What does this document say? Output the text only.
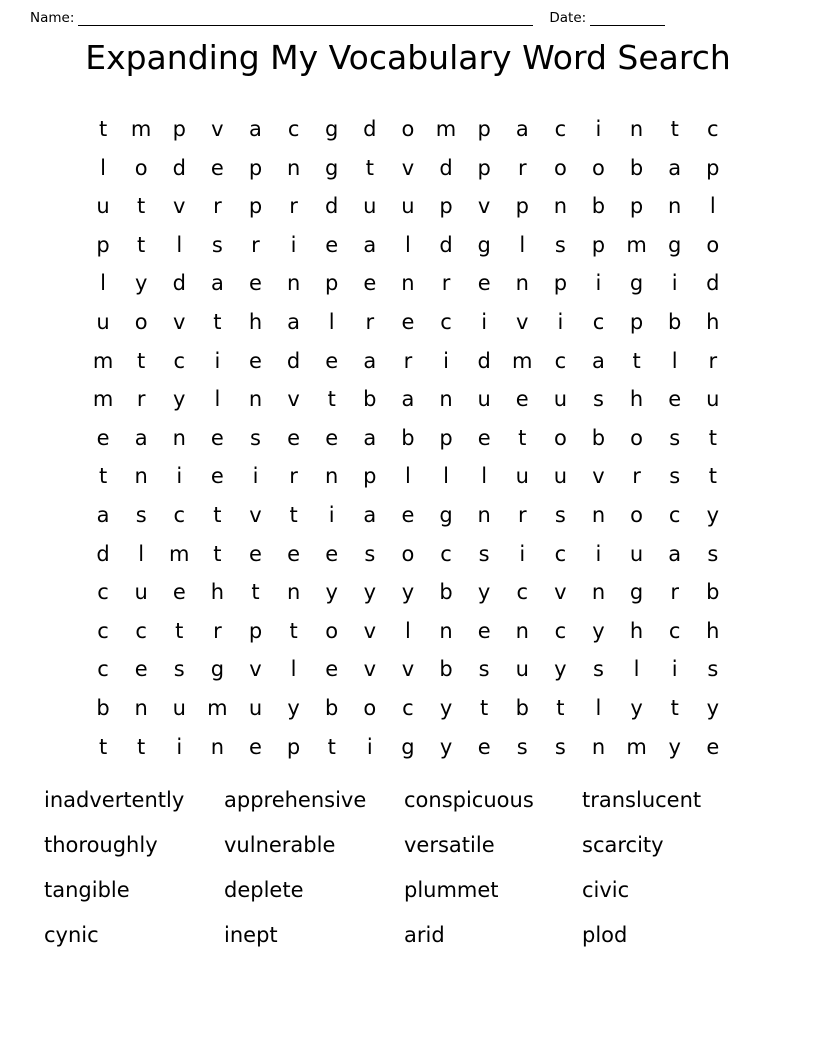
Name:	Date:
Expanding My Vocabulary Word Search
t	m	p	v	a	c	g	d	o	m	p	a	c	i	n	t	c
l	o	d	e	p	n	g	t	v	d	p	r	o	o	b	a	p
u	t	v	r	p	r	d	u	u	p	v	p	n	b	p	n	l
p	t	l	s	r	i	e	a	l	d	g	l	s	p	m	g	o
l	y	d	a	e	n	p	e	n	r	e	n	p	i	g	i	d
u	o	v	t	h	a	l	r	e	c	i	v	i	c	p	b	h
m	t	c	i	e	d	e	a	r	i	d	m	c	a	t	l	r
m	r	y	l	n	v	t	b	a	n	u	e	u	s	h	e	u
e	a	n	e	s	e	e	a	b	p	e	t	o	b	o	s	t
t	n	i	e	i	r	n	p	l	l	l	u	u	v	r	s	t
a	s	c	t	v	t	i	a	e	g	n	r	s	n	o	c	y
d	l	m	t	e	e	e	s	o	c	s	i	c	i	u	a	s
c	u	e	h	t	n	y	y	y	b	y	c	v	n	g	r	b
c	c	t	r	p	t	o	v	l	n	e	n	c	y	h	c	h
c	e	s	g	v	l	e	v	v	b	s	u	y	s	l	i	s
b	n	u	m	u	y	b	o	c	y	t	b	t	l	y	t	y
t	t	i	n	e	p	t	i	g	y	e	s	s	n	m	y	e
inadvertently	apprehensive	conspicuous	translucent
thoroughly	vulnerable	versatile	scarcity
tangible	deplete	plummet	civic
cynic	inept	arid	plod
